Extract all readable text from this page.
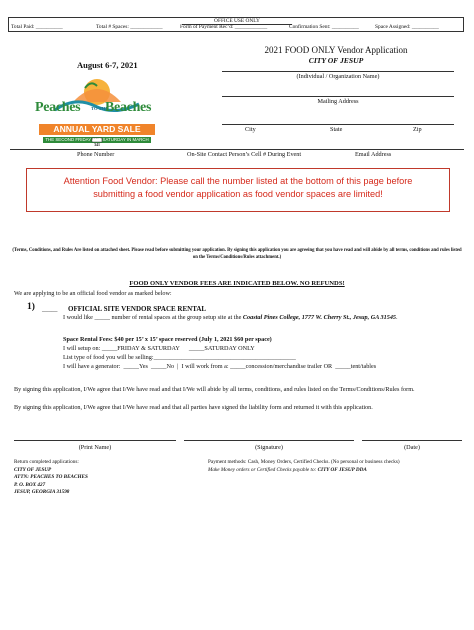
OFFICE USE ONLY
Total Paid: __________	Total # Spaces: ____________	Form of Payment Rec’d: ____________	Confirmation Sent: __________	Space Assigned: __________
August 6-7, 2021
Peaches TO THE
Beaches
ANNUAL YARD SALE
THE SECOND FRIDAY AND SATURDAY IN MARCH
341
2021 FOOD ONLY Vendor Application
CITY OF JESUP
(Individual / Organization Name)
Mailing Address
City	State	Zip
Phone Number	On-Site Contact Person’s Cell # During Event	Email Address
Attention Food Vendor: Please call the number listed at the bottom of this page before submitting a food vendor application as food vendor spaces are limited!
(Terms, Conditions, and Rules Are listed on attached sheet. Please read before submitting your application. By signing this application you are agreeing that you have read and will abide by all terms, conditions and rules listed on the Terms/Conditions/Rules attachment.)
FOOD ONLY VENDOR FEES ARE INDICATED BELOW. NO REFUNDS!
We are applying to be an official food vendor as marked below:
1) _____ OFFICIAL SITE VENDOR SPACE RENTAL
I would like _____ number of rental spaces at the group setup site at the Coastal Pines College, 1777 W. Cherry St., Jesup, GA 31545.
Space Rental Fees: $40 per 15’ x 15’ space reserved (July 1, 2021 $60 per space)
I will setup on: _____FRIDAY & SATURDAY      _____SATURDAY ONLY
List type of food you will be selling:______________________________________________
I will have a generator:  _____Yes  _____No  |  I will work from a: _____concession/merchandise trailer OR  _____tent/tables
By signing this application, I/We agree that I/We have read and that I/We will abide by all terms, conditions, and rules listed on the Terms/Conditions/Rules form.
By signing this application, I/We agree that I/We have read and that all parties have signed the liability form and returned it with this application.
(Print Name)	(Signature)	(Date)
Return completed applications:
CITY OF JESUP
ATTN: PEACHES TO BEACHES
P. O. BOX 427
JESUP, GEORGIA 31598
Payment methods: Cash, Money Orders, Certified Checks. (No personal or business checks)
Make Money orders or Certified Checks payable to: CITY OF JESUP DDA
